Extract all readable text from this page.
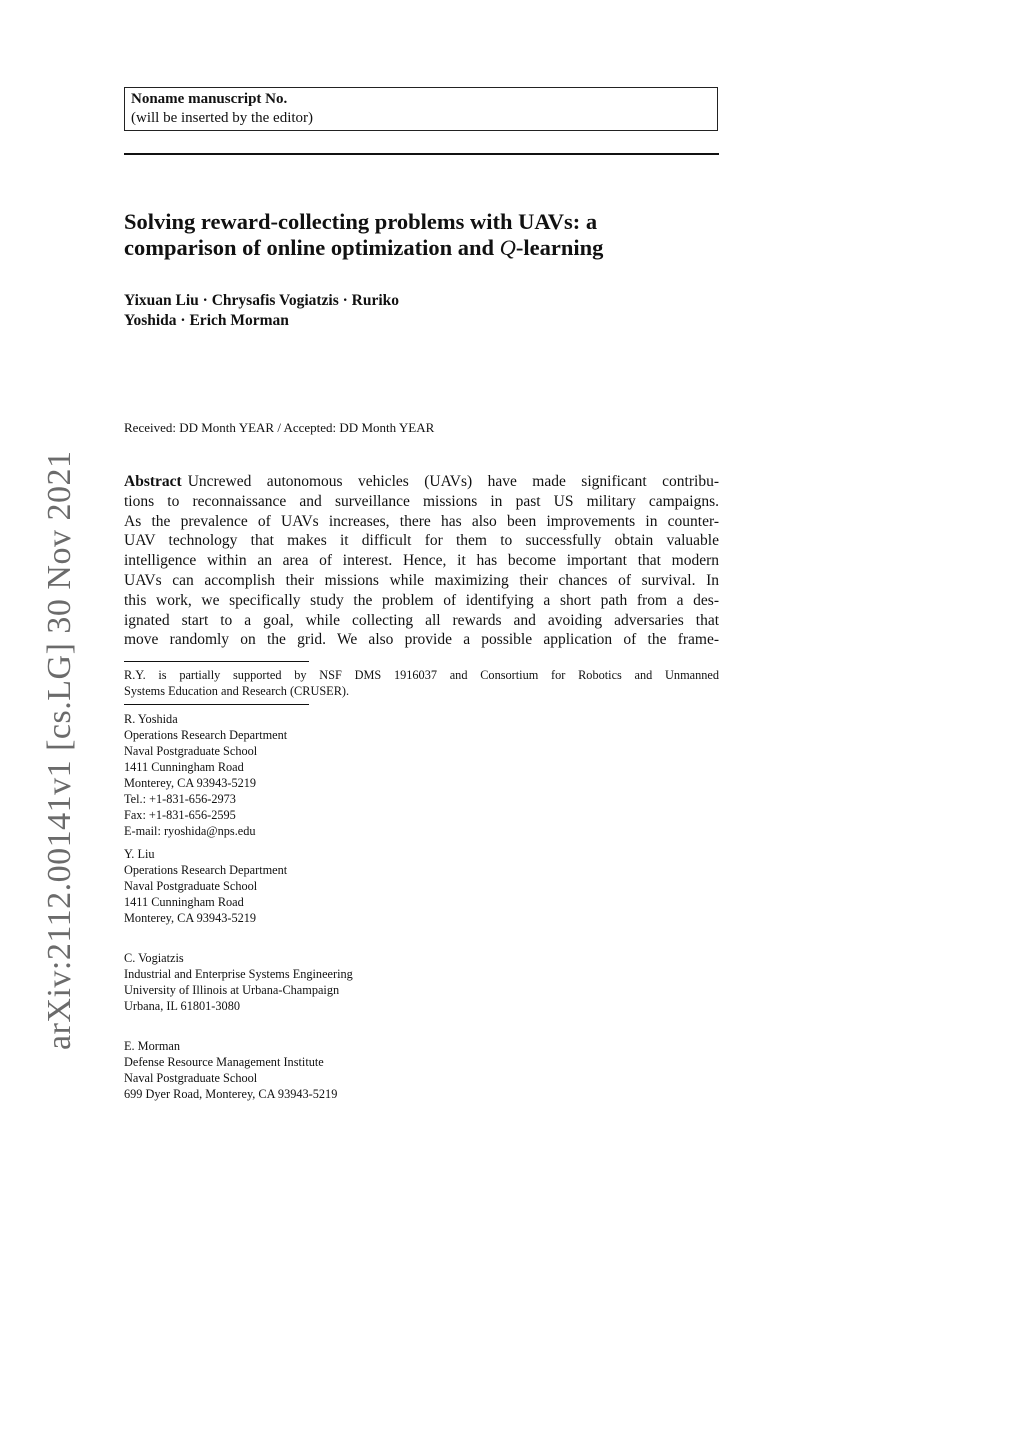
Noname manuscript No.
(will be inserted by the editor)
Solving reward-collecting problems with UAVs: a
comparison of online optimization and Q-learning
Yixuan Liu · Chrysafis Vogiatzis · Ruriko
Yoshida · Erich Morman
Received: DD Month YEAR / Accepted: DD Month YEAR
Abstract Uncrewed autonomous vehicles (UAVs) have made significant contribu-
tions to reconnaissance and surveillance missions in past US military campaigns.
As the prevalence of UAVs increases, there has also been improvements in counter-
UAV technology that makes it difficult for them to successfully obtain valuable
intelligence within an area of interest. Hence, it has become important that modern
UAVs can accomplish their missions while maximizing their chances of survival. In
this work, we specifically study the problem of identifying a short path from a des-
ignated start to a goal, while collecting all rewards and avoiding adversaries that
move randomly on the grid. We also provide a possible application of the frame-
R.Y. is partially supported by NSF DMS 1916037 and Consortium for Robotics and Unmanned
Systems Education and Research (CRUSER).
R. Yoshida
Operations Research Department
Naval Postgraduate School
1411 Cunningham Road
Monterey, CA 93943-5219
Tel.: +1-831-656-2973
Fax: +1-831-656-2595
E-mail: ryoshida@nps.edu
Y. Liu
Operations Research Department
Naval Postgraduate School
1411 Cunningham Road
Monterey, CA 93943-5219
C. Vogiatzis
Industrial and Enterprise Systems Engineering
University of Illinois at Urbana-Champaign
Urbana, IL 61801-3080
E. Morman
Defense Resource Management Institute
Naval Postgraduate School
699 Dyer Road, Monterey, CA 93943-5219
arXiv:2112.00141v1 [cs.LG] 30 Nov 2021
